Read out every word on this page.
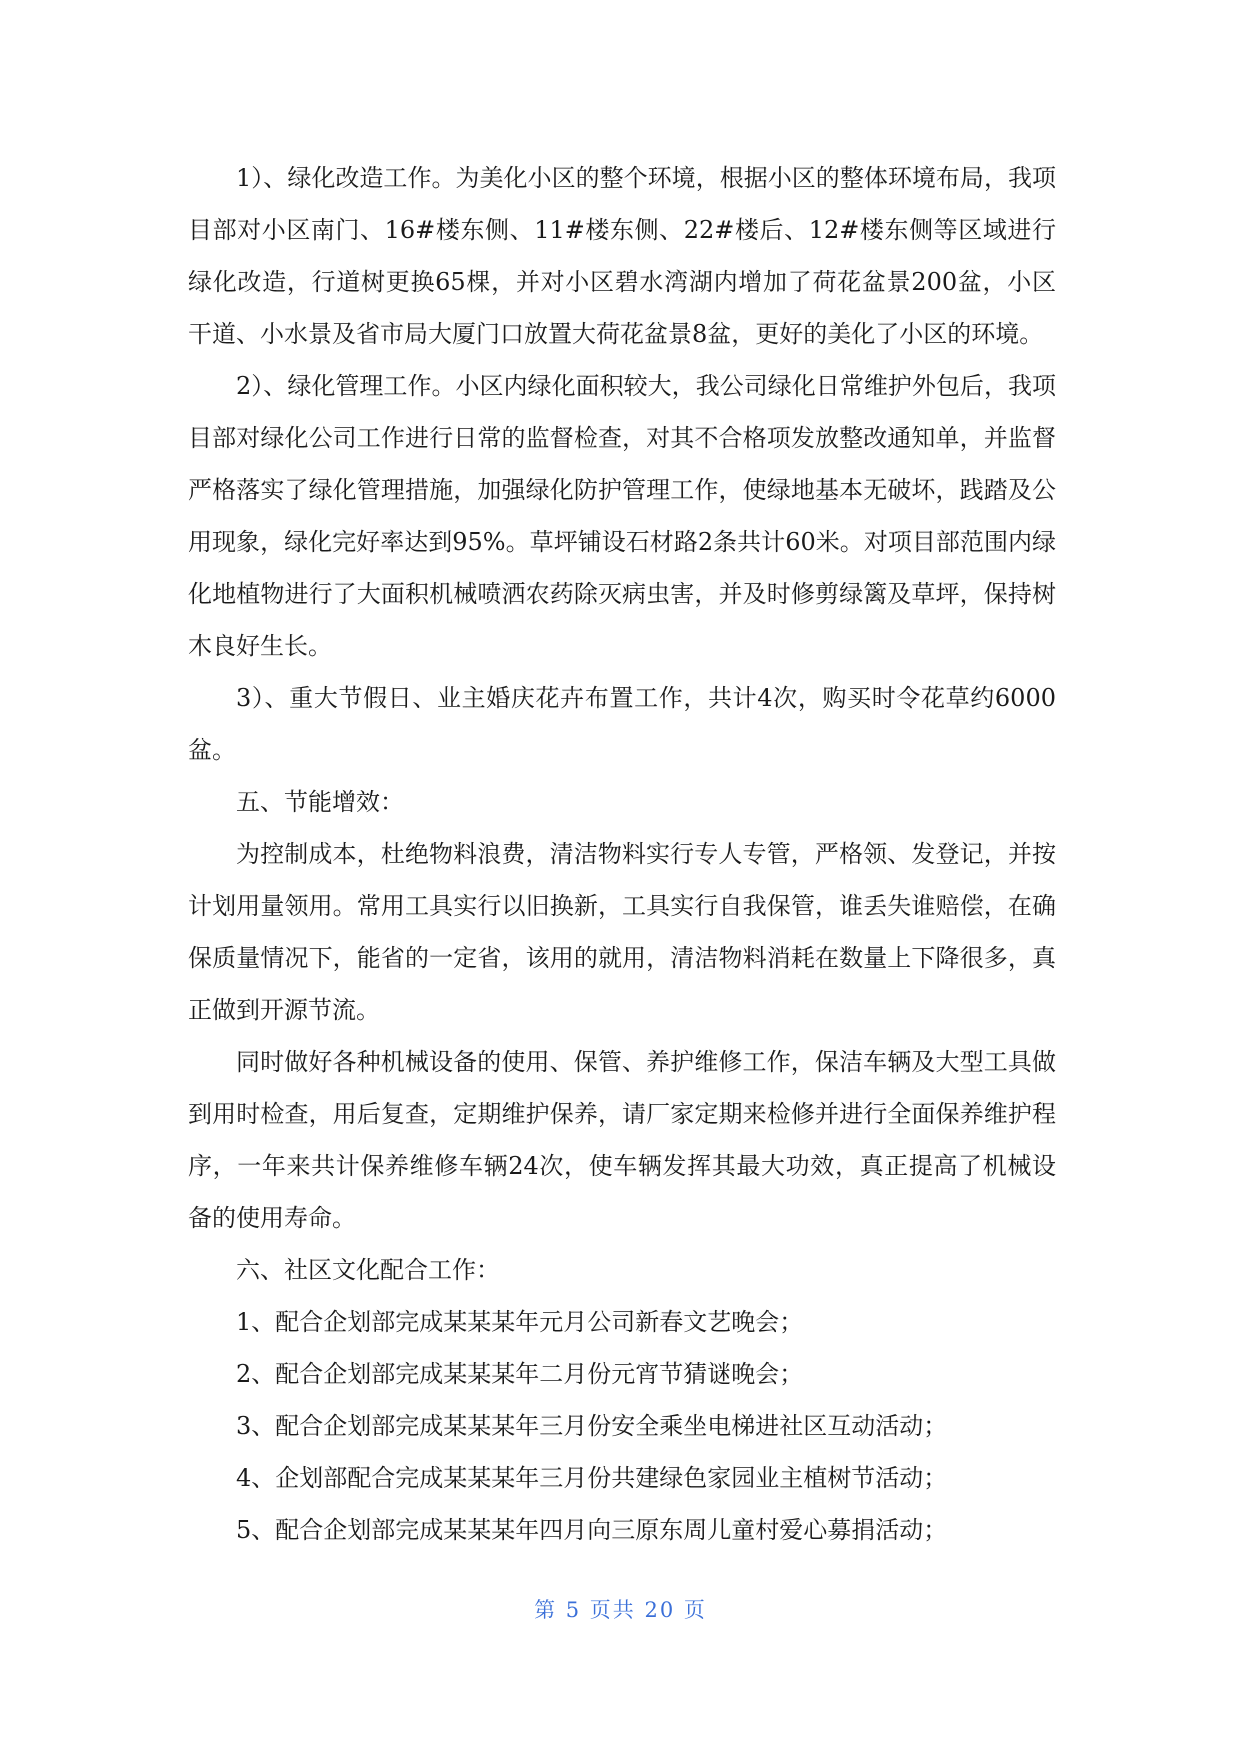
1）、绿化改造工作。为美化小区的整个环境，根据小区的整体环境布局，我项目部对小区南门、16#楼东侧、11#楼东侧、22#楼后、12#楼东侧等区域进行绿化改造，行道树更换65棵，并对小区碧水湾湖内增加了荷花盆景200盆，小区干道、小水景及省市局大厦门口放置大荷花盆景8盆，更好的美化了小区的环境。

2）、绿化管理工作。小区内绿化面积较大，我公司绿化日常维护外包后，我项目部对绿化公司工作进行日常的监督检查，对其不合格项发放整改通知单，并监督严格落实了绿化管理措施，加强绿化防护管理工作，使绿地基本无破坏，践踏及公用现象，绿化完好率达到95%。草坪铺设石材路2条共计60米。对项目部范围内绿化地植物进行了大面积机械喷洒农药除灭病虫害，并及时修剪绿篱及草坪，保持树木良好生长。

3）、重大节假日、业主婚庆花卉布置工作，共计4次，购买时令花草约6000盆。

五、节能增效：

为控制成本，杜绝物料浪费，清洁物料实行专人专管，严格领、发登记，并按计划用量领用。常用工具实行以旧换新，工具实行自我保管，谁丢失谁赔偿，在确保质量情况下，能省的一定省，该用的就用，清洁物料消耗在数量上下降很多，真正做到开源节流。

同时做好各种机械设备的使用、保管、养护维修工作，保洁车辆及大型工具做到用时检查，用后复查，定期维护保养，请厂家定期来检修并进行全面保养维护程序，一年来共计保养维修车辆24次，使车辆发挥其最大功效，真正提高了机械设备的使用寿命。

六、社区文化配合工作：

1、配合企划部完成某某某年元月公司新春文艺晚会；

2、配合企划部完成某某某年二月份元宵节猜谜晚会；

3、配合企划部完成某某某年三月份安全乘坐电梯进社区互动活动；

4、企划部配合完成某某某年三月份共建绿色家园业主植树节活动；

5、配合企划部完成某某某年四月向三原东周儿童村爱心募捐活动；

第 5 页共 20 页
